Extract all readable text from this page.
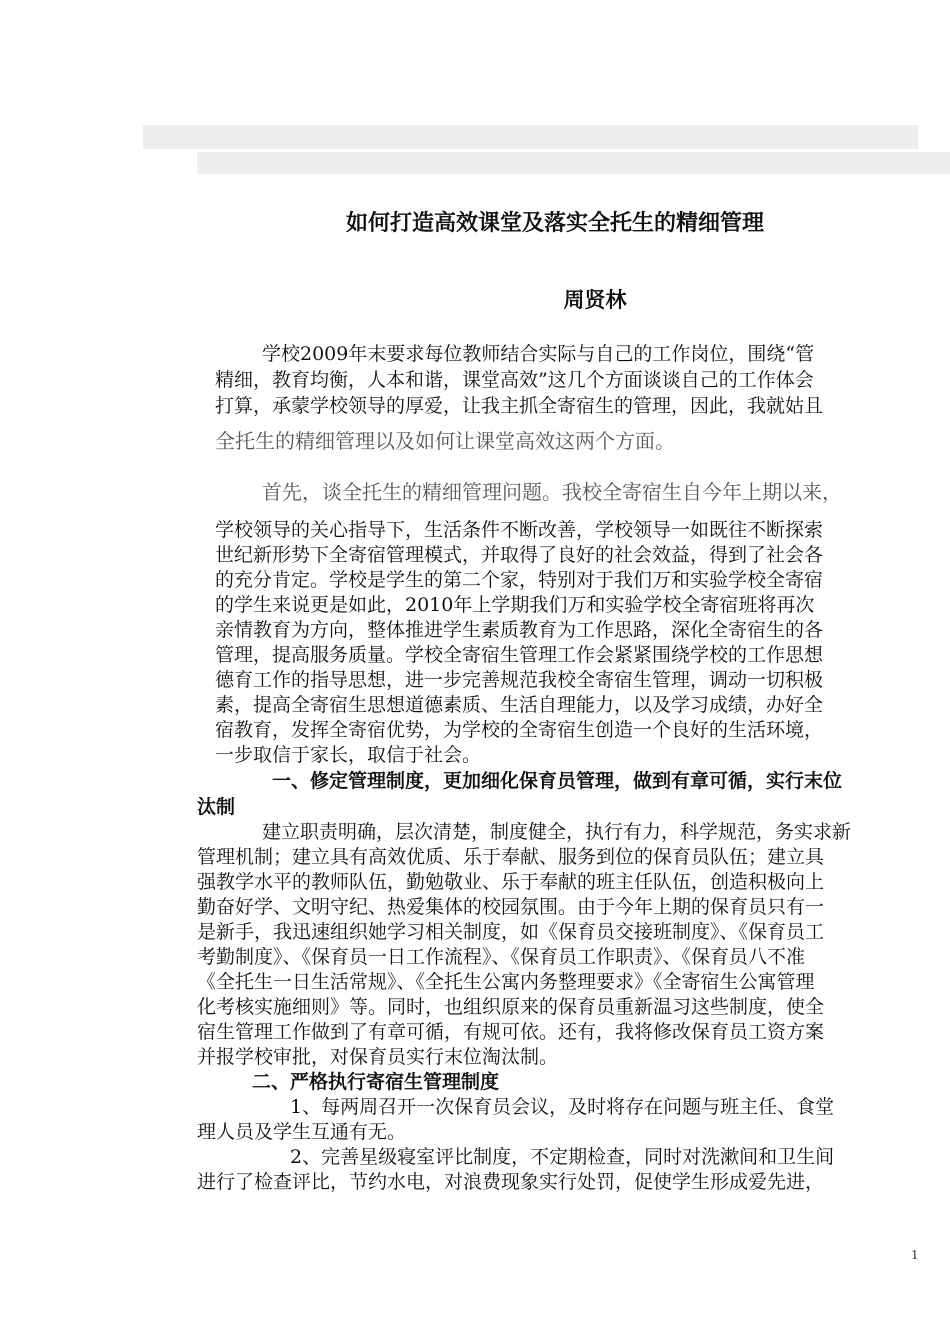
如何打造高效课堂及落实全托生的精细管理
周贤林
学校2009年末要求每位教师结合实际与自己的工作岗位，围绕“管
精细，教育均衡，人本和谐，课堂高效”这几个方面谈谈自己的工作体会
打算，承蒙学校领导的厚爱，让我主抓全寄宿生的管理，因此，我就姑且
全托生的精细管理以及如何让课堂高效这两个方面。
首先，谈全托生的精细管理问题。我校全寄宿生自今年上期以来，
学校领导的关心指导下，生活条件不断改善，学校领导一如既往不断探索
世纪新形势下全寄宿管理模式，并取得了良好的社会效益，得到了社会各
的充分肯定。学校是学生的第二个家，特别对于我们万和实验学校全寄宿
的学生来说更是如此，2010年上学期我们万和实验学校全寄宿班将再次
亲情教育为方向，整体推进学生素质教育为工作思路，深化全寄宿生的各
管理，提高服务质量。学校全寄宿生管理工作会紧紧围绕学校的工作思想
德育工作的指导思想，进一步完善规范我校全寄宿生管理，调动一切积极
素，提高全寄宿生思想道德素质、生活自理能力，以及学习成绩，办好全
宿教育，发挥全寄宿优势，为学校的全寄宿生创造一个良好的生活环境，
一步取信于家长，取信于社会。
一、修定管理制度，更加细化保育员管理，做到有章可循，实行末位
汰制
建立职责明确，层次清楚，制度健全，执行有力，科学规范，务实求新
管理机制；建立具有高效优质、乐于奉献、服务到位的保育员队伍；建立具
强教学水平的教师队伍，勤勉敬业、乐于奉献的班主任队伍，创造积极向上
勤奋好学、文明守纪、热爱集体的校园氛围。由于今年上期的保育员只有一
是新手，我迅速组织她学习相关制度，如《保育员交接班制度》、《保育员工
考勤制度》、《保育员一日工作流程》、《保育员工作职责》、《保育员八不准
《全托生一日生活常规》、《全托生公寓内务整理要求》《全寄宿生公寓管理
化考核实施细则》等。同时，也组织原来的保育员重新温习这些制度，使全
宿生管理工作做到了有章可循，有规可依。还有，我将修改保育员工资方案
并报学校审批，对保育员实行末位淘汰制。
二、严格执行寄宿生管理制度
1、每两周召开一次保育员会议，及时将存在问题与班主任、食堂
理人员及学生互通有无。
2、完善星级寝室评比制度，不定期检查，同时对洗漱间和卫生间
进行了检查评比，节约水电，对浪费现象实行处罚，促使学生形成爱先进，
1
